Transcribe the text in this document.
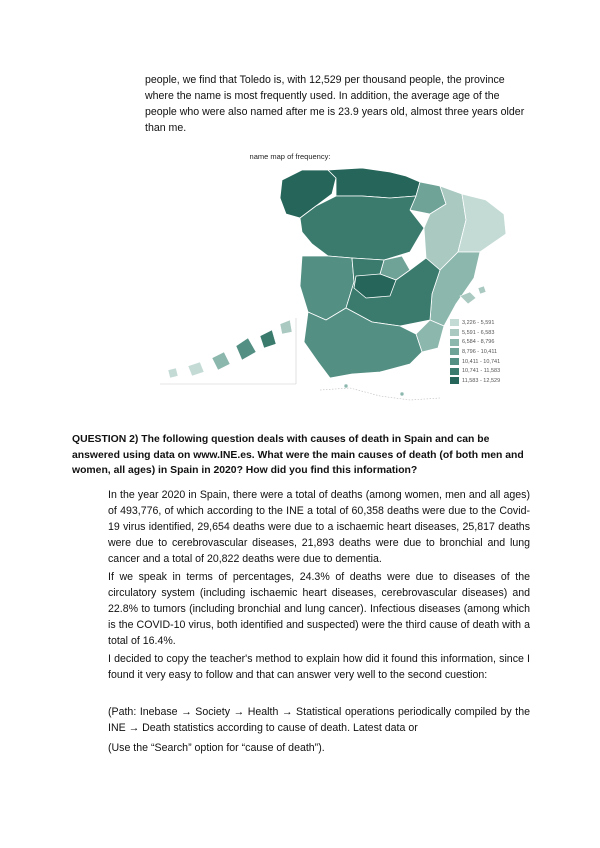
people, we find that Toledo is, with 12,529 per thousand people, the province where the name is most frequently used. In addition, the average age of the people who were also named after me is 23.9 years old, almost three years older than me.

name map of frequency:
3,226 - 5,591
5,591 - 6,583
6,584 - 8,796
8,796 - 10,411
10,411 - 10,741
10,741 - 11,583
11,583 - 12,529

QUESTION 2) The following question deals with causes of death in Spain and can be answered using data on www.INE.es. What were the main causes of death (of both men and women, all ages) in Spain in 2020? How did you find this information?

In the year 2020 in Spain, there were a total of deaths (among women, men and all ages) of 493,776, of which according to the INE a total of 60,358 deaths were due to the Covid-19 virus identified, 29,654 deaths were due to a ischaemic heart diseases, 25,817 deaths were due to cerebrovascular diseases, 21,893 deaths were due to bronchial and lung cancer and a total of 20,822 deaths were due to dementia.

If we speak in terms of percentages, 24.3% of deaths were due to diseases of the circulatory system (including ischaemic heart diseases, cerebrovascular diseases) and 22.8% to tumors (including bronchial and lung cancer). Infectious diseases (among which is the COVID-10 virus, both identified and suspected) were the third cause of death with a total of 16.4%.

I decided to copy the teacher's method to explain how did it found this information, since I found it very easy to follow and that can answer very well to the second cuestion:

(Path: Inebase → Society → Health → Statistical operations periodically compiled by the INE → Death statistics according to cause of death. Latest data or

(Use the “Search” option for “cause of death”).
